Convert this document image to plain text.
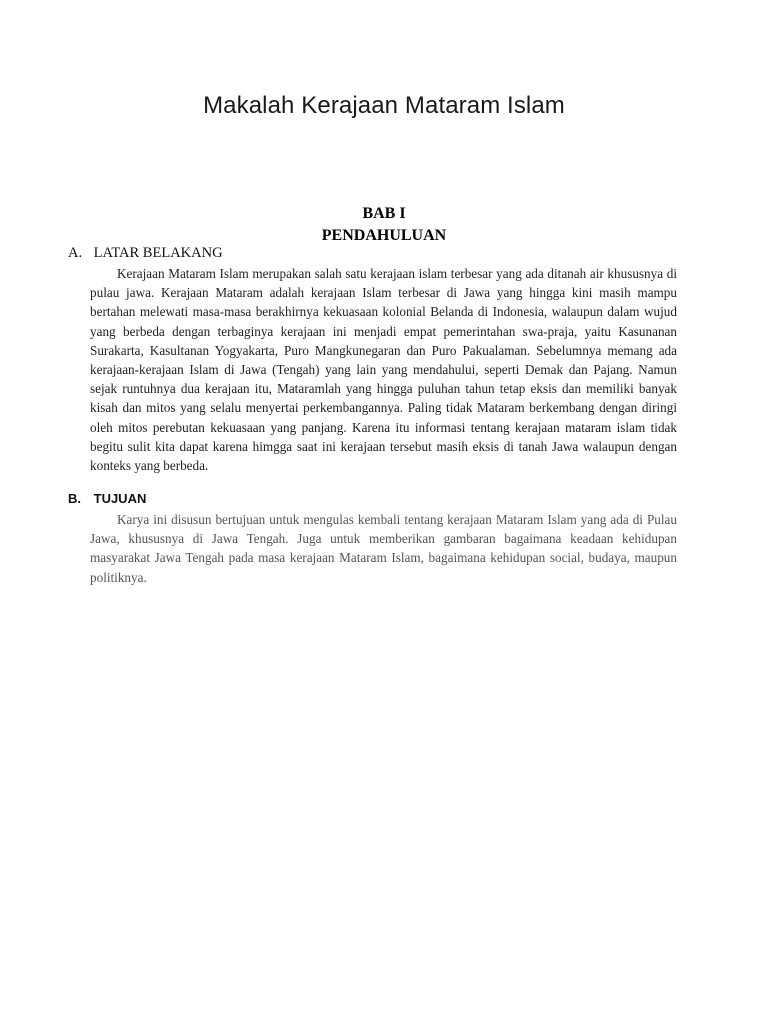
Makalah Kerajaan Mataram Islam
BAB I
PENDAHULUAN
A. LATAR BELAKANG

Kerajaan Mataram Islam merupakan salah satu kerajaan islam terbesar yang ada ditanah air khususnya di pulau jawa. Kerajaan Mataram adalah kerajaan Islam terbesar di Jawa yang hingga kini masih mampu bertahan melewati masa-masa berakhirnya kekuasaan kolonial Belanda di Indonesia, walaupun dalam wujud yang berbeda dengan terbaginya kerajaan ini menjadi empat pemerintahan swa-praja, yaitu Kasunanan Surakarta, Kasultanan Yogyakarta, Puro Mangkunegaran dan Puro Pakualaman. Sebelumnya memang ada kerajaan-kerajaan Islam di Jawa (Tengah) yang lain yang mendahului, seperti Demak dan Pajang. Namun sejak runtuhnya dua kerajaan itu, Mataramlah yang hingga puluhan tahun tetap eksis dan memiliki banyak kisah dan mitos yang selalu menyertai perkembangannya. Paling tidak Mataram berkembang dengan diringi oleh mitos perebutan kekuasaan yang panjang. Karena itu informasi tentang kerajaan mataram islam tidak begitu sulit kita dapat karena himgga saat ini kerajaan tersebut masih eksis di tanah Jawa walaupun dengan konteks yang berbeda.

B. TUJUAN

Karya ini disusun bertujuan untuk mengulas kembali tentang kerajaan Mataram Islam yang ada di Pulau Jawa, khususnya di Jawa Tengah. Juga untuk memberikan gambaran bagaimana keadaan kehidupan masyarakat Jawa Tengah pada masa kerajaan Mataram Islam, bagaimana kehidupan social, budaya, maupun politiknya.
